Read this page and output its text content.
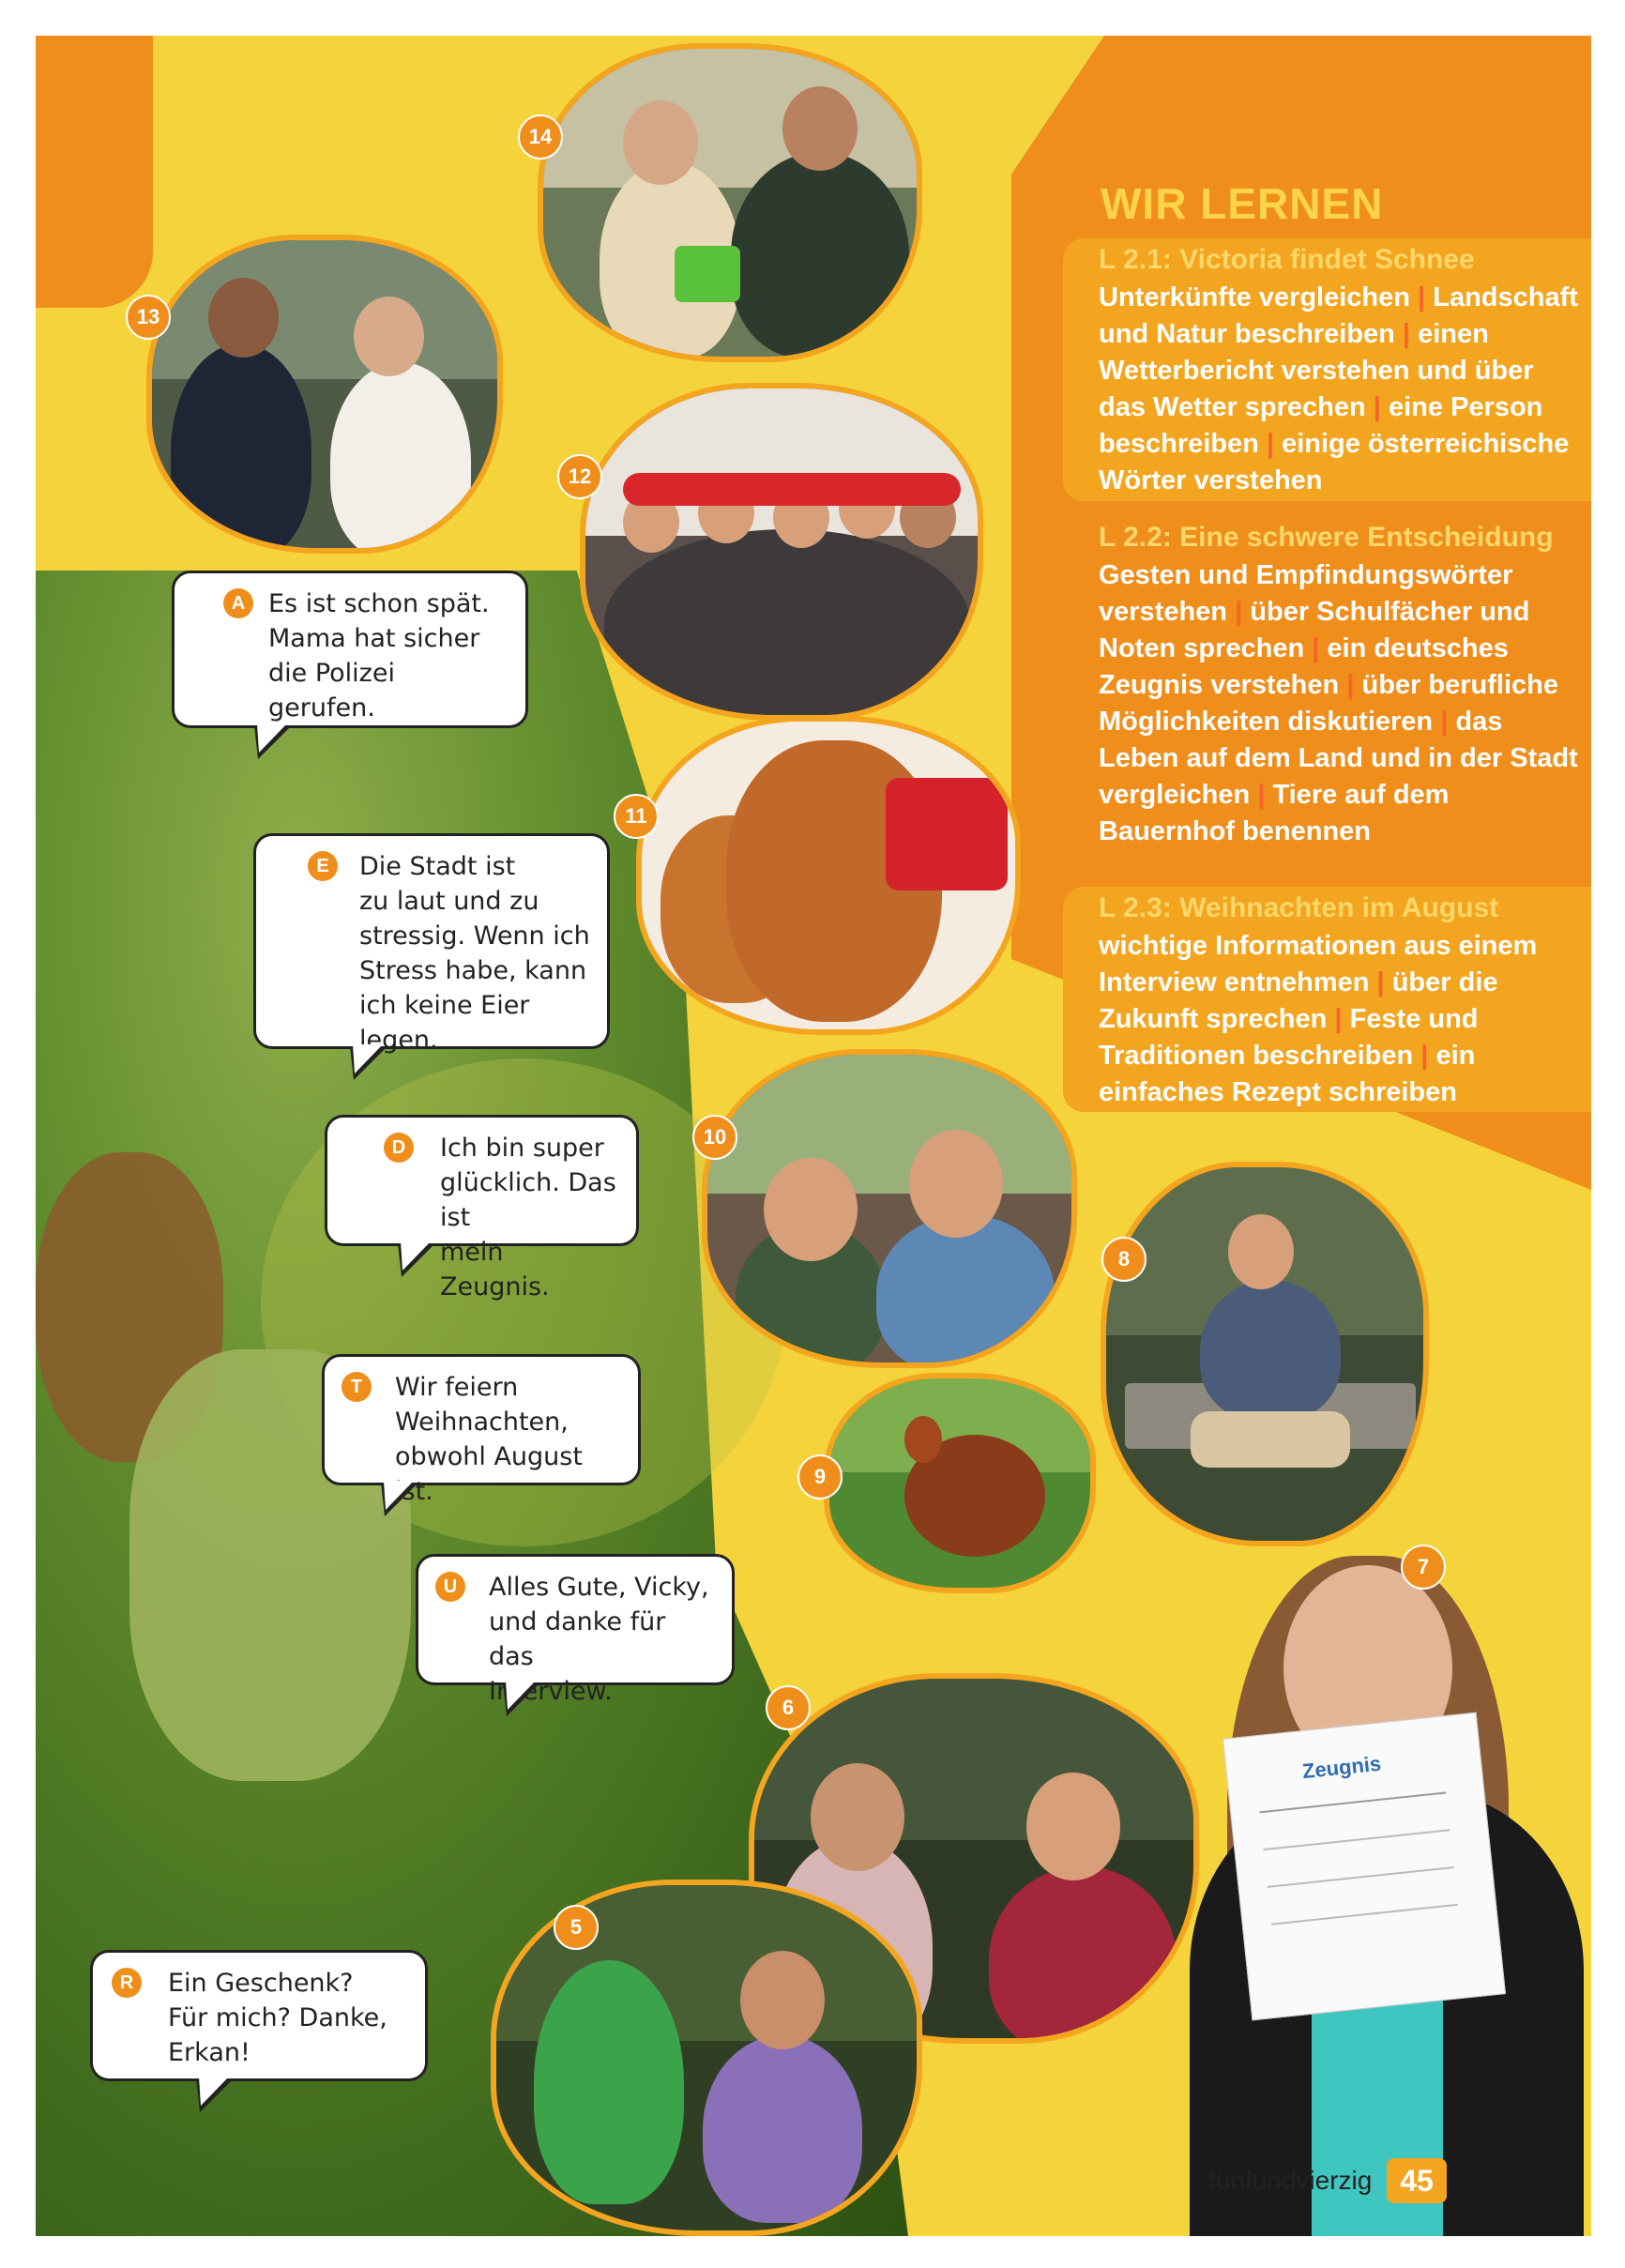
14
13
12
11
10
8
9
6
5
Zeugnis
7
WIR LERNEN
L 2.1: Victoria findet Schnee
Unterkünfte vergleichen | Landschaft und Natur beschreiben | einen Wetterbericht verstehen und über das Wetter sprechen | eine Person beschreiben | einige österreichische Wörter verstehen
L 2.2: Eine schwere Entscheidung
Gesten und Empfindungswörter verstehen | über Schulfächer und Noten sprechen | ein deutsches Zeugnis verstehen | über berufliche Möglichkeiten diskutieren | das Leben auf dem Land und in der Stadt vergleichen | Tiere auf dem Bauernhof benennen
L 2.3: Weihnachten im August
wichtige Informationen aus einem Interview entnehmen | über die Zukunft sprechen | Feste und Traditionen beschreiben | ein einfaches Rezept schreiben
A Es ist schon spät.
Mama hat sicher
die Polizei gerufen.
E	Die Stadt ist
zu laut und zu
stressig. Wenn ich
Stress habe, kann
ich keine Eier legen.
D	Ich bin super
glücklich. Das ist
mein Zeugnis.
T	Wir feiern
Weihnachten,
obwohl August ist.
U	Alles Gute, Vicky,
und danke für das
Interview.
R	Ein Geschenk?
Für mich? Danke,
Erkan!
fünfundvierzig 45
